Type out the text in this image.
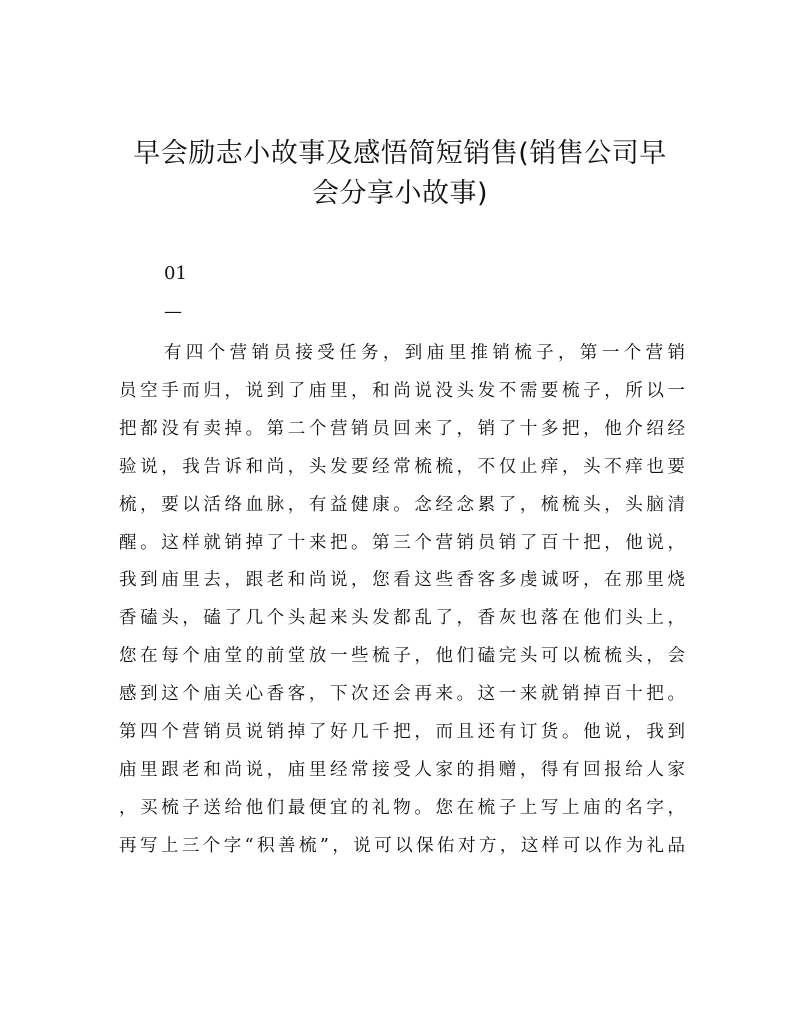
早会励志小故事及感悟简短销售(销售公司早
会分享小故事)
01
—
有四个营销员接受任务，到庙里推销梳子，第一个营销
员空手而归，说到了庙里，和尚说没头发不需要梳子，所以一
把都没有卖掉。第二个营销员回来了，销了十多把，他介绍经
验说，我告诉和尚，头发要经常梳梳，不仅止痒，头不痒也要
梳，要以活络血脉，有益健康。念经念累了，梳梳头，头脑清
醒。这样就销掉了十来把。第三个营销员销了百十把，他说，
我到庙里去，跟老和尚说，您看这些香客多虔诚呀，在那里烧
香磕头，磕了几个头起来头发都乱了，香灰也落在他们头上，
您在每个庙堂的前堂放一些梳子，他们磕完头可以梳梳头，会
感到这个庙关心香客，下次还会再来。这一来就销掉百十把。
第四个营销员说销掉了好几千把，而且还有订货。他说，我到
庙里跟老和尚说，庙里经常接受人家的捐赠，得有回报给人家
，买梳子送给他们最便宜的礼物。您在梳子上写上庙的名字，
再写上三个字“积善梳”，说可以保佑对方，这样可以作为礼品
